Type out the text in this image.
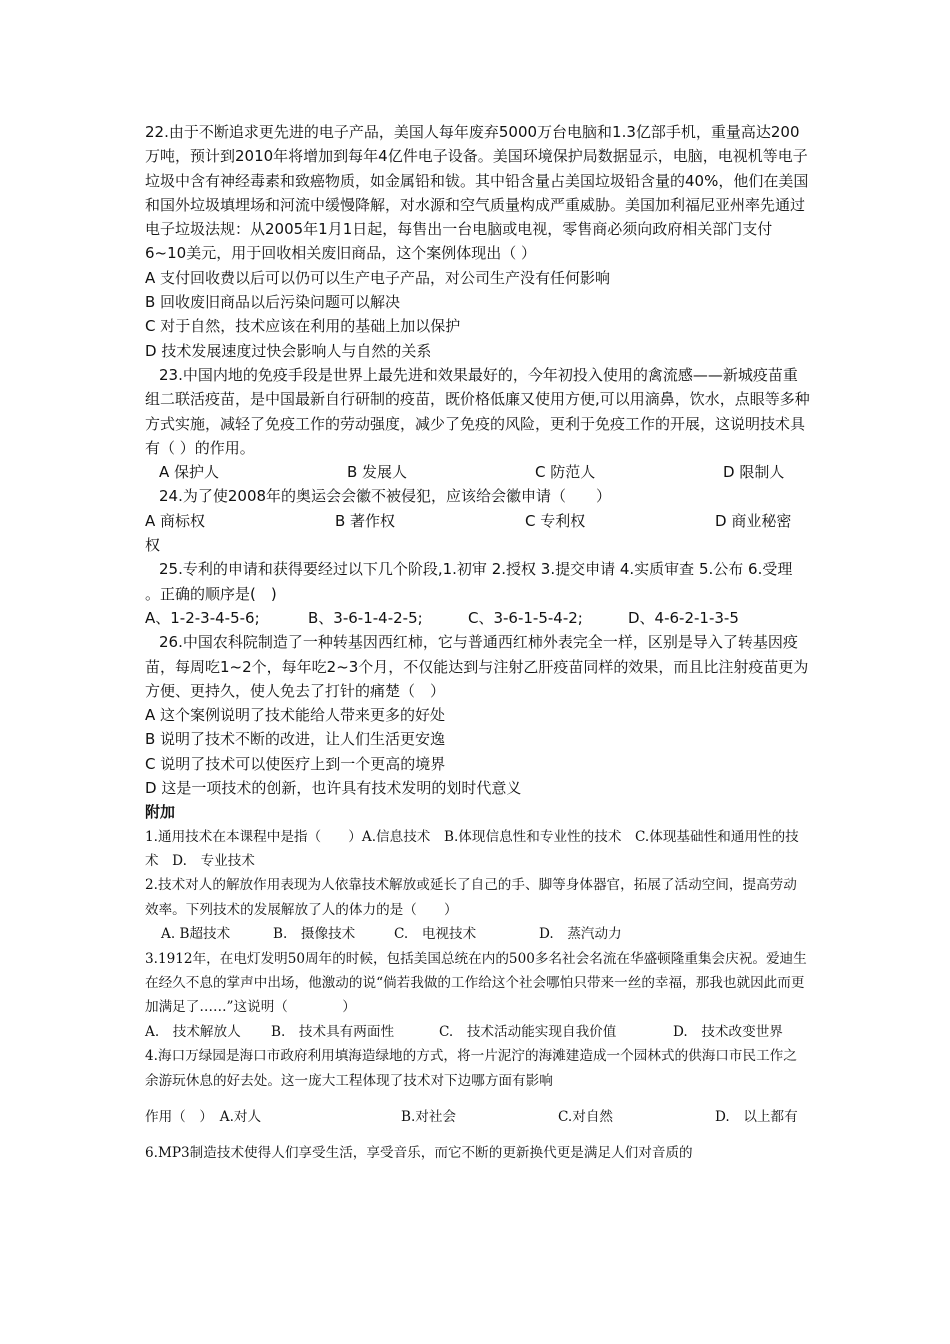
22.由于不断追求更先进的电子产品，美国人每年废弃5000万台电脑和1.3亿部手机，重量高达200万吨，预计到2010年将增加到每年4亿件电子设备。美国环境保护局数据显示，电脑，电视机等电子垃圾中含有神经毒素和致癌物质，如金属铅和钹。其中铅含量占美国垃圾铅含量的40%，他们在美国和国外垃圾填埋场和河流中缓慢降解，对水源和空气质量构成严重威胁。美国加利福尼亚州率先通过电子垃圾法规：从2005年1月1日起，每售出一台电脑或电视，零售商必须向政府相关部门支付6~10美元，用于回收相关废旧商品，这个案例体现出（ ）

A 支付回收费以后可以仍可以生产电子产品，对公司生产没有任何影响

B 回收废旧商品以后污染问题可以解决

C 对于自然，技术应该在利用的基础上加以保护

D 技术发展速度过快会影响人与自然的关系

23.中国内地的免疫手段是世界上最先进和效果最好的，今年初投入使用的禽流感——新城疫苗重组二联活疫苗，是中国最新自行研制的疫苗，既价格低廉又使用方便,可以用滴鼻，饮水，点眼等多种方式实施，减轻了免疫工作的劳动强度，减少了免疫的风险，更利于免疫工作的开展，这说明技术具有（ ）的作用。

A 保护人	B 发展人	C 防范人	D 限制人

24.为了使2008年的奥运会会徽不被侵犯，应该给会徽申请（　　）

A 商标权	B 著作权	C 专利权	D 商业秘密

权

25.专利的申请和获得要经过以下几个阶段,1.初审 2.授权 3.提交申请 4.实质审查 5.公布 6.受理 。正确的顺序是(　)

A、1-2-3-4-5-6;	B、3-6-1-4-2-5;	C、3-6-1-5-4-2;	D、4-6-2-1-3-5

26.中国农科院制造了一种转基因西红柿，它与普通西红柿外表完全一样，区别是导入了转基因疫苗，每周吃1~2个，每年吃2~3个月，不仅能达到与注射乙肝疫苗同样的效果，而且比注射疫苗更为方便、更持久，使人免去了打针的痛楚（　）

A 这个案例说明了技术能给人带来更多的好处

B 说明了技术不断的改进，让人们生活更安逸

C 说明了技术可以使医疗上到一个更高的境界

D 这是一项技术的创新，也许具有技术发明的划时代意义

附加

1.通用技术在本课程中是指（　　）A.信息技术　B.体现信息性和专业性的技术　C.体现基础性和通用性的技术　D.　专业技术

2.技术对人的解放作用表现为人依靠技术解放或延长了自己的手、脚等身体器官，拓展了活动空间，提高劳动效率。下列技术的发展解放了人的体力的是（　　）

A. B超技术	B.　摄像技术	C.　电视技术	D.　蒸汽动力

3.1912年，在电灯发明50周年的时候，包括美国总统在内的500多名社会名流在华盛顿隆重集会庆祝。爱迪生在经久不息的掌声中出场，他激动的说“倘若我做的工作给这个社会哪怕只带来一丝的幸福，那我也就因此而更加满足了……”这说明（　　　　）

A.　技术解放人	B.　技术具有两面性	C.　技术活动能实现自我价值	D.　技术改变世界

4.海口万绿园是海口市政府利用填海造绿地的方式，将一片泥泞的海滩建造成一个园林式的供海口市民工作之余游玩休息的好去处。这一庞大工程体现了技术对下边哪方面有影响

作用（　）　A.对人	B.对社会	C.对自然	D.　以上都有

6.MP3制造技术使得人们享受生活，享受音乐，而它不断的更新换代更是满足人们对音质的
